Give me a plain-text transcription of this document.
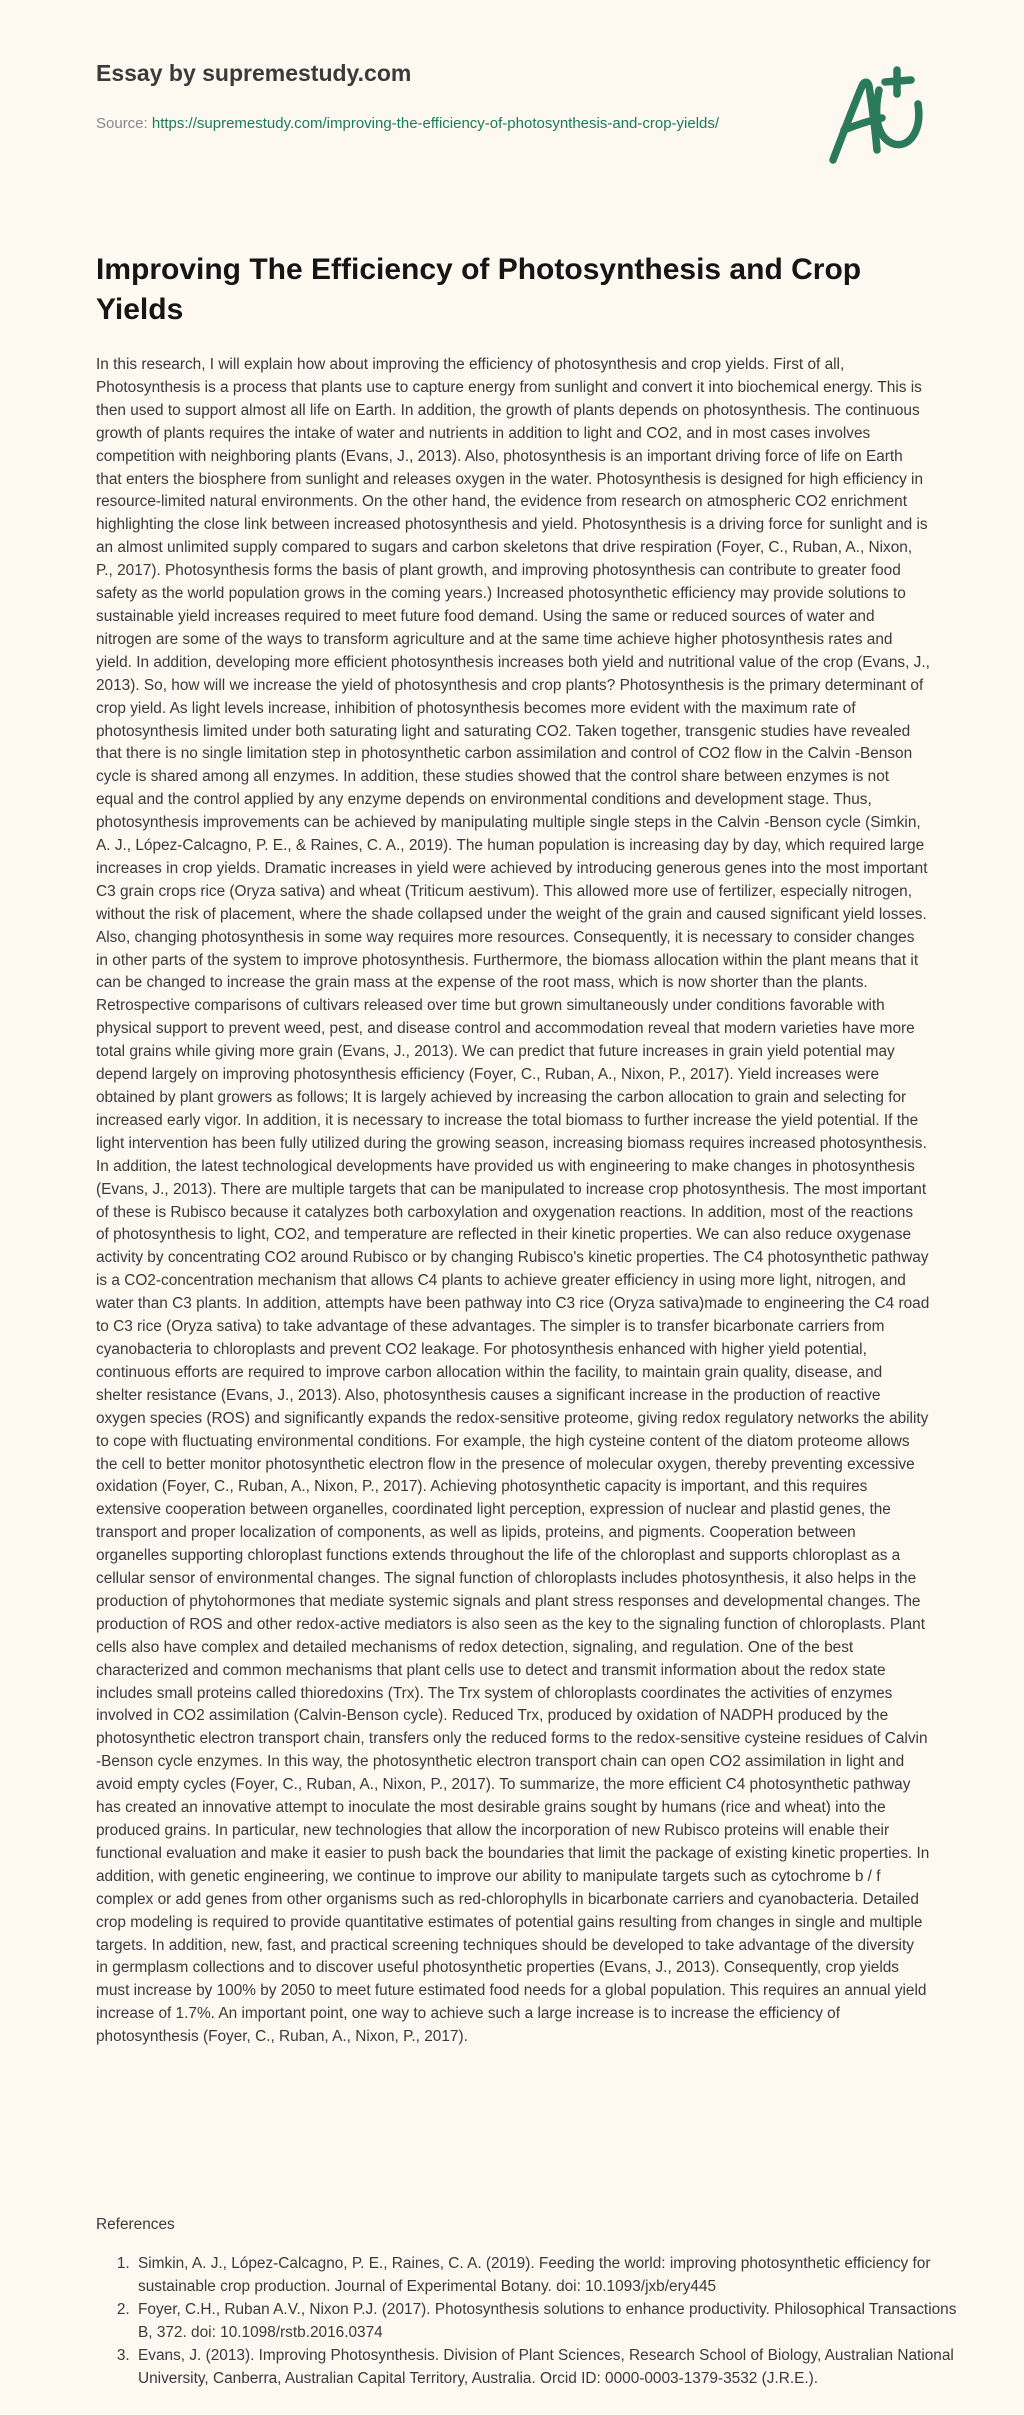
Essay by supremestudy.com
Source: https://supremestudy.com/improving-the-efficiency-of-photosynthesis-and-crop-yields/
Improving The Efficiency of Photosynthesis and Crop Yields

In this research, I will explain how about improving the efficiency of photosynthesis and crop yields. First of all, Photosynthesis is a process that plants use to capture energy from sunlight and convert it into biochemical energy. This is then used to support almost all life on Earth. In addition, the growth of plants depends on photosynthesis. The continuous growth of plants requires the intake of water and nutrients in addition to light and CO2, and in most cases involves competition with neighboring plants (Evans, J., 2013). Also, photosynthesis is an important driving force of life on Earth that enters the biosphere from sunlight and releases oxygen in the water. Photosynthesis is designed for high efficiency in resource-limited natural environments. On the other hand, the evidence from research on atmospheric CO2 enrichment highlighting the close link between increased photosynthesis and yield. Photosynthesis is a driving force for sunlight and is an almost unlimited supply compared to sugars and carbon skeletons that drive respiration (Foyer, C., Ruban, A., Nixon, P., 2017). Photosynthesis forms the basis of plant growth, and improving photosynthesis can contribute to greater food safety as the world population grows in the coming years.) Increased photosynthetic efficiency may provide solutions to sustainable yield increases required to meet future food demand. Using the same or reduced sources of water and nitrogen are some of the ways to transform agriculture and at the same time achieve higher photosynthesis rates and yield. In addition, developing more efficient photosynthesis increases both yield and nutritional value of the crop (Evans, J., 2013). So, how will we increase the yield of photosynthesis and crop plants? Photosynthesis is the primary determinant of crop yield. As light levels increase, inhibition of photosynthesis becomes more evident with the maximum rate of photosynthesis limited under both saturating light and saturating CO2. Taken together, transgenic studies have revealed that there is no single limitation step in photosynthetic carbon assimilation and control of CO2 flow in the Calvin -Benson cycle is shared among all enzymes. In addition, these studies showed that the control share between enzymes is not equal and the control applied by any enzyme depends on environmental conditions and development stage. Thus, photosynthesis improvements can be achieved by manipulating multiple single steps in the Calvin -Benson cycle (Simkin, A. J., López-Calcagno, P. E., & Raines, C. A., 2019). The human population is increasing day by day, which required large increases in crop yields. Dramatic increases in yield were achieved by introducing generous genes into the most important C3 grain crops rice (Oryza sativa) and wheat (Triticum aestivum). This allowed more use of fertilizer, especially nitrogen, without the risk of placement, where the shade collapsed under the weight of the grain and caused significant yield losses. Also, changing photosynthesis in some way requires more resources. Consequently, it is necessary to consider changes in other parts of the system to improve photosynthesis. Furthermore, the biomass allocation within the plant means that it can be changed to increase the grain mass at the expense of the root mass, which is now shorter than the plants. Retrospective comparisons of cultivars released over time but grown simultaneously under conditions favorable with physical support to prevent weed, pest, and disease control and accommodation reveal that modern varieties have more total grains while giving more grain (Evans, J., 2013). We can predict that future increases in grain yield potential may depend largely on improving photosynthesis efficiency (Foyer, C., Ruban, A., Nixon, P., 2017). Yield increases were obtained by plant growers as follows; It is largely achieved by increasing the carbon allocation to grain and selecting for increased early vigor. In addition, it is necessary to increase the total biomass to further increase the yield potential. If the light intervention has been fully utilized during the growing season, increasing biomass requires increased photosynthesis. In addition, the latest technological developments have provided us with engineering to make changes in photosynthesis (Evans, J., 2013). There are multiple targets that can be manipulated to increase crop photosynthesis. The most important of these is Rubisco because it catalyzes both carboxylation and oxygenation reactions. In addition, most of the reactions of photosynthesis to light, CO2, and temperature are reflected in their kinetic properties. We can also reduce oxygenase activity by concentrating CO2 around Rubisco or by changing Rubisco's kinetic properties. The C4 photosynthetic pathway is a CO2-concentration mechanism that allows C4 plants to achieve greater efficiency in using more light, nitrogen, and water than C3 plants. In addition, attempts have been pathway into C3 rice (Oryza sativa)made to engineering the C4 road to C3 rice (Oryza sativa) to take advantage of these advantages. The simpler is to transfer bicarbonate carriers from cyanobacteria to chloroplasts and prevent CO2 leakage. For photosynthesis enhanced with higher yield potential, continuous efforts are required to improve carbon allocation within the facility, to maintain grain quality, disease, and shelter resistance (Evans, J., 2013). Also, photosynthesis causes a significant increase in the production of reactive oxygen species (ROS) and significantly expands the redox-sensitive proteome, giving redox regulatory networks the ability to cope with fluctuating environmental conditions. For example, the high cysteine content of the diatom proteome allows the cell to better monitor photosynthetic electron flow in the presence of molecular oxygen, thereby preventing excessive oxidation (Foyer, C., Ruban, A., Nixon, P., 2017). Achieving photosynthetic capacity is important, and this requires extensive cooperation between organelles, coordinated light perception, expression of nuclear and plastid genes, the transport and proper localization of components, as well as lipids, proteins, and pigments. Cooperation between organelles supporting chloroplast functions extends throughout the life of the chloroplast and supports chloroplast as a cellular sensor of environmental changes. The signal function of chloroplasts includes photosynthesis, it also helps in the production of phytohormones that mediate systemic signals and plant stress responses and developmental changes. The production of ROS and other redox-active mediators is also seen as the key to the signaling function of chloroplasts. Plant cells also have complex and detailed mechanisms of redox detection, signaling, and regulation. One of the best characterized and common mechanisms that plant cells use to detect and transmit information about the redox state includes small proteins called thioredoxins (Trx). The Trx system of chloroplasts coordinates the activities of enzymes involved in CO2 assimilation (Calvin-Benson cycle). Reduced Trx, produced by oxidation of NADPH produced by the photosynthetic electron transport chain, transfers only the reduced forms to the redox-sensitive cysteine residues of Calvin -Benson cycle enzymes. In this way, the photosynthetic electron transport chain can open CO2 assimilation in light and avoid empty cycles (Foyer, C., Ruban, A., Nixon, P., 2017). To summarize, the more efficient C4 photosynthetic pathway has created an innovative attempt to inoculate the most desirable grains sought by humans (rice and wheat) into the produced grains. In particular, new technologies that allow the incorporation of new Rubisco proteins will enable their functional evaluation and make it easier to push back the boundaries that limit the package of existing kinetic properties. In addition, with genetic engineering, we continue to improve our ability to manipulate targets such as cytochrome b / f complex or add genes from other organisms such as red-chlorophylls in bicarbonate carriers and cyanobacteria. Detailed crop modeling is required to provide quantitative estimates of potential gains resulting from changes in single and multiple targets. In addition, new, fast, and practical screening techniques should be developed to take advantage of the diversity in germplasm collections and to discover useful photosynthetic properties (Evans, J., 2013). Consequently, crop yields must increase by 100% by 2050 to meet future estimated food needs for a global population. This requires an annual yield increase of 1.7%. An important point, one way to achieve such a large increase is to increase the efficiency of photosynthesis (Foyer, C., Ruban, A., Nixon, P., 2017).

References

1. Simkin, A. J., López-Calcagno, P. E., Raines, C. A. (2019). Feeding the world: improving photosynthetic efficiency for sustainable crop production. Journal of Experimental Botany. doi: 10.1093/jxb/ery445
2. Foyer, C.H., Ruban A.V., Nixon P.J. (2017). Photosynthesis solutions to enhance productivity. Philosophical Transactions B, 372. doi: 10.1098/rstb.2016.0374
3. Evans, J. (2013). Improving Photosynthesis. Division of Plant Sciences, Research School of Biology, Australian National University, Canberra, Australian Capital Territory, Australia. Orcid ID: 0000-0003-1379-3532 (J.R.E.).
